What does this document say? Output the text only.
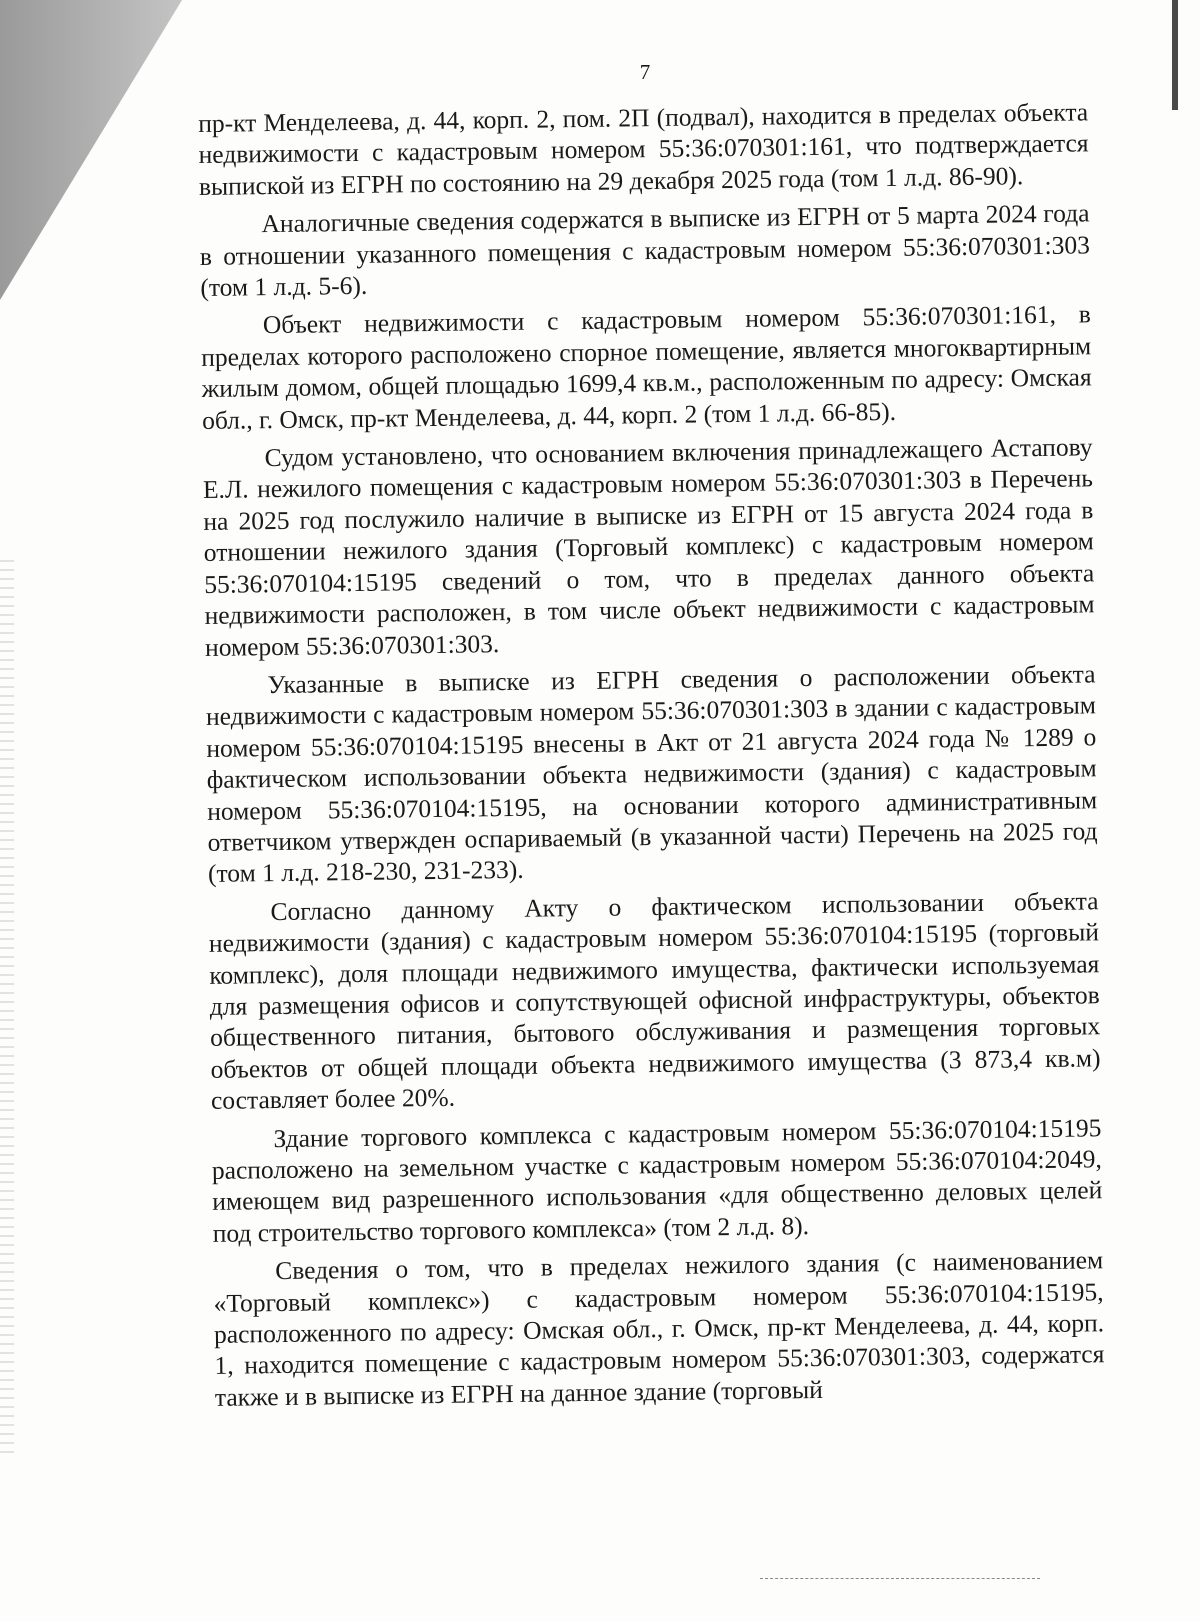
7

пр-кт Менделеева, д. 44, корп. 2, пом. 2П (подвал), находится в пределах объекта недвижимости с кадастровым номером 55:36:070301:161, что подтверждается выпиской из ЕГРН по состоянию на 29 декабря 2025 года (том 1 л.д. 86-90).

Аналогичные сведения содержатся в выписке из ЕГРН от 5 марта 2024 года в отношении указанного помещения с кадастровым номером 55:36:070301:303 (том 1 л.д. 5-6).

Объект недвижимости с кадастровым номером 55:36:070301:161, в пределах которого расположено спорное помещение, является многоквартирным жилым домом, общей площадью 1699,4 кв.м., расположенным по адресу: Омская обл., г. Омск, пр-кт Менделеева, д. 44, корп. 2 (том 1 л.д. 66-85).

Судом установлено, что основанием включения принадлежащего Астапову Е.Л. нежилого помещения с кадастровым номером 55:36:070301:303 в Перечень на 2025 год послужило наличие в выписке из ЕГРН от 15 августа 2024 года в отношении нежилого здания (Торговый комплекс) с кадастровым номером 55:36:070104:15195 сведений о том, что в пределах данного объекта недвижимости расположен, в том числе объект недвижимости с кадастровым номером 55:36:070301:303.

Указанные в выписке из ЕГРН сведения о расположении объекта недвижимости с кадастровым номером 55:36:070301:303 в здании с кадастровым номером 55:36:070104:15195 внесены в Акт от 21 августа 2024 года № 1289 о фактическом использовании объекта недвижимости (здания) с кадастровым номером 55:36:070104:15195, на основании которого административным ответчиком утвержден оспариваемый (в указанной части) Перечень на 2025 год (том 1 л.д. 218-230, 231-233).

Согласно данному Акту о фактическом использовании объекта недвижимости (здания) с кадастровым номером 55:36:070104:15195 (торговый комплекс), доля площади недвижимого имущества, фактически используемая для размещения офисов и сопутствующей офисной инфраструктуры, объектов общественного питания, бытового обслуживания и размещения торговых объектов от общей площади объекта недвижимого имущества (3 873,4 кв.м) составляет более 20%.

Здание торгового комплекса с кадастровым номером 55:36:070104:15195 расположено на земельном участке с кадастровым номером 55:36:070104:2049, имеющем вид разрешенного использования «для общественно деловых целей под строительство торгового комплекса» (том 2 л.д. 8).

Сведения о том, что в пределах нежилого здания (с наименованием «Торговый комплекс») с кадастровым номером 55:36:070104:15195, расположенного по адресу: Омская обл., г. Омск, пр-кт Менделеева, д. 44, корп. 1, находится помещение с кадастровым номером 55:36:070301:303, содержатся также и в выписке из ЕГРН на данное здание (торговый
